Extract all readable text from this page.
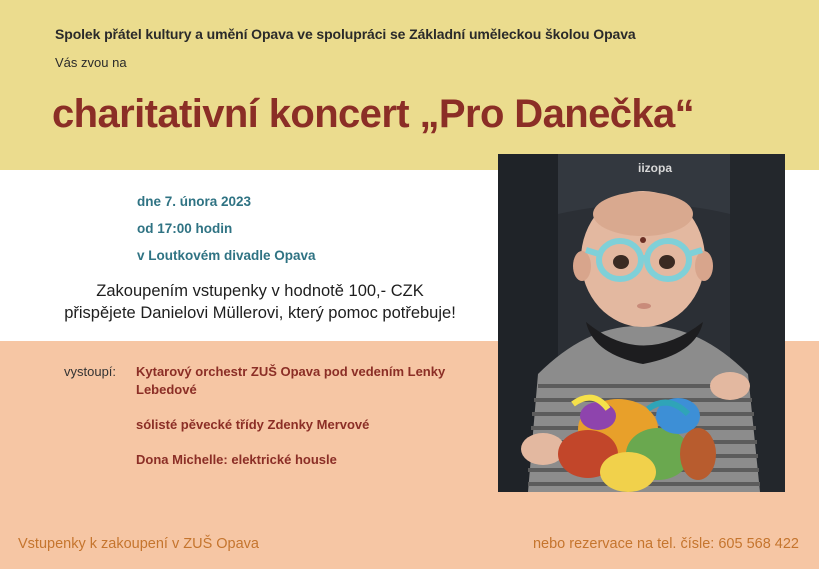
Spolek přátel kultury a umění Opava ve spolupráci se Základní uměleckou školou Opava
Vás zvou na
charitativní koncert „Pro Danečka“
dne 7. února 2023
od 17:00 hodin
v Loutkovém divadle Opava
Zakoupením vstupenky v hodnotě 100,- CZK
přispějete Danielovi Müllerovi, který pomoc potřebuje!
vystoupí: Kytarový orchestr ZUŠ Opava pod vedením Lenky Lebedové
sólisté pěvecké třídy Zdenky Mervové
Dona Michelle: elektrické housle
Vstupenky k zakoupení v ZUŠ Opava	nebo rezervace na tel. čísle: 605 568 422
iizopa
